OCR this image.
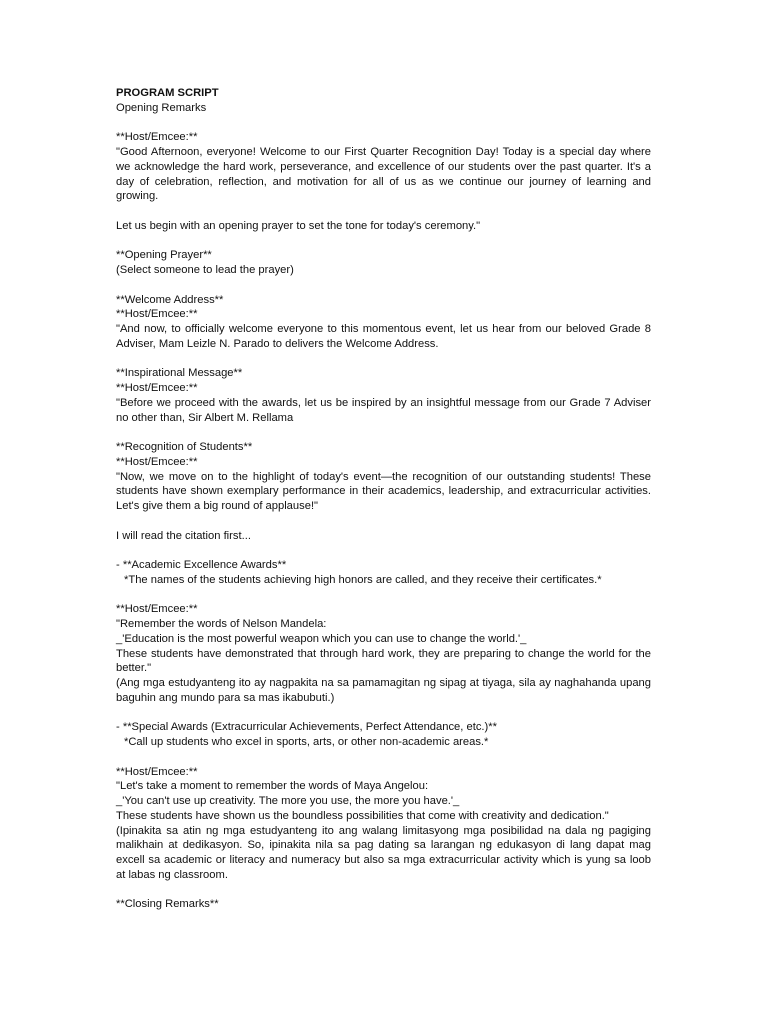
PROGRAM SCRIPT
Opening Remarks
**Host/Emcee:**
"Good Afternoon, everyone! Welcome to our First Quarter Recognition Day! Today is a special day where we acknowledge the hard work, perseverance, and excellence of our students over the past quarter. It's a day of celebration, reflection, and motivation for all of us as we continue our journey of learning and growing.
Let us begin with an opening prayer to set the tone for today's ceremony."
**Opening Prayer**
(Select someone to lead the prayer)
**Welcome Address**
**Host/Emcee:**
"And now, to officially welcome everyone to this momentous event, let us hear from our beloved Grade 8 Adviser, Mam Leizle N. Parado to delivers the Welcome Address.
**Inspirational Message**
**Host/Emcee:**
"Before we proceed with the awards, let us be inspired by an insightful message from our Grade 7 Adviser no other than, Sir Albert M. Rellama
**Recognition of Students**
**Host/Emcee:**
"Now, we move on to the highlight of today's event—the recognition of our outstanding students! These students have shown exemplary performance in their academics, leadership, and extracurricular activities. Let's give them a big round of applause!"
I will read the citation first...
- **Academic Excellence Awards**
*The names of the students achieving high honors are called, and they receive their certificates.*
**Host/Emcee:**
"Remember the words of Nelson Mandela:
_'Education is the most powerful weapon which you can use to change the world.'_
These students have demonstrated that through hard work, they are preparing to change the world for the better."
(Ang mga estudyanteng ito ay nagpakita na sa pamamagitan ng sipag at tiyaga, sila ay naghahanda upang baguhin ang mundo para sa mas ikabubuti.)
- **Special Awards (Extracurricular Achievements, Perfect Attendance, etc.)**
*Call up students who excel in sports, arts, or other non-academic areas.*
**Host/Emcee:**
"Let's take a moment to remember the words of Maya Angelou:
_'You can't use up creativity. The more you use, the more you have.'_
These students have shown us the boundless possibilities that come with creativity and dedication."
(Ipinakita sa atin ng mga estudyanteng ito ang walang limitasyong mga posibilidad na dala ng pagiging malikhain at dedikasyon. So, ipinakita nila sa pag dating sa larangan ng edukasyon di lang dapat mag excell sa academic or literacy and numeracy but also sa mga extracurricular activity which is yung sa loob at labas ng classroom.
**Closing Remarks**
